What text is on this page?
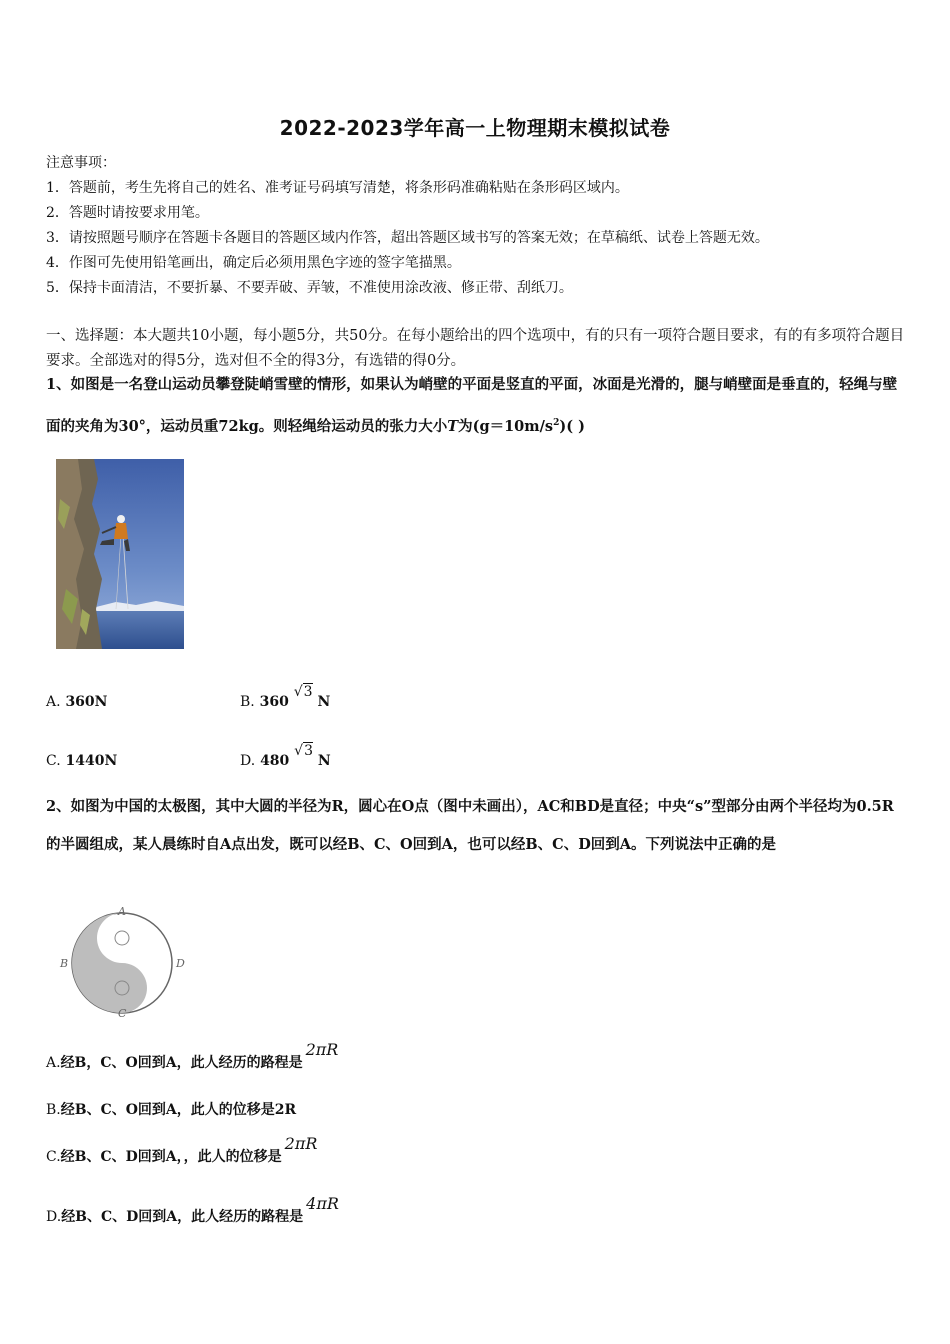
2022-2023学年高一上物理期末模拟试卷
注意事项：
1．答题前，考生先将自己的姓名、准考证号码填写清楚，将条形码准确粘贴在条形码区域内。
2．答题时请按要求用笔。
3．请按照题号顺序在答题卡各题目的答题区域内作答，超出答题区域书写的答案无效；在草稿纸、试卷上答题无效。
4．作图可先使用铅笔画出，确定后必须用黑色字迹的签字笔描黑。
5．保持卡面清洁，不要折暴、不要弄破、弄皱，不准使用涂改液、修正带、刮纸刀。
一、选择题：本大题共10小题，每小题5分，共50分。在每小题给出的四个选项中，有的只有一项符合题目要求，有的有多项符合题目要求。全部选对的得5分，选对但不全的得3分，有选错的得0分。
1、如图是一名登山运动员攀登陡峭雪壁的情形，如果认为峭壁的平面是竖直的平面，冰面是光滑的，腿与峭壁面是垂直的，轻绳与壁面的夹角为30°，运动员重72kg。则轻绳给运动员的张力大小T为$(g=10m/s^2)$( )
A. 360N	B. 360 √3 N
C. 1440N	D. 480 √3 N
2、如图为中国的太极图，其中大圆的半径为R，圆心在O点（图中未画出），AC和BD是直径；中央“s”型部分由两个半径均为0.5R的半圆组成，某人晨练时自A点出发，既可以经B、C、O回到A，也可以经B、C、D回到A。下列说法中正确的是
A
B
C
D
A.经B，C、O回到A，此人经历的路程是2πR
B.经B、C、O回到A，此人的位移是2R
C.经B、C、D回到A，，此人的位移是2πR
D.经B、C、D回到A，此人经历的路程是4πR
